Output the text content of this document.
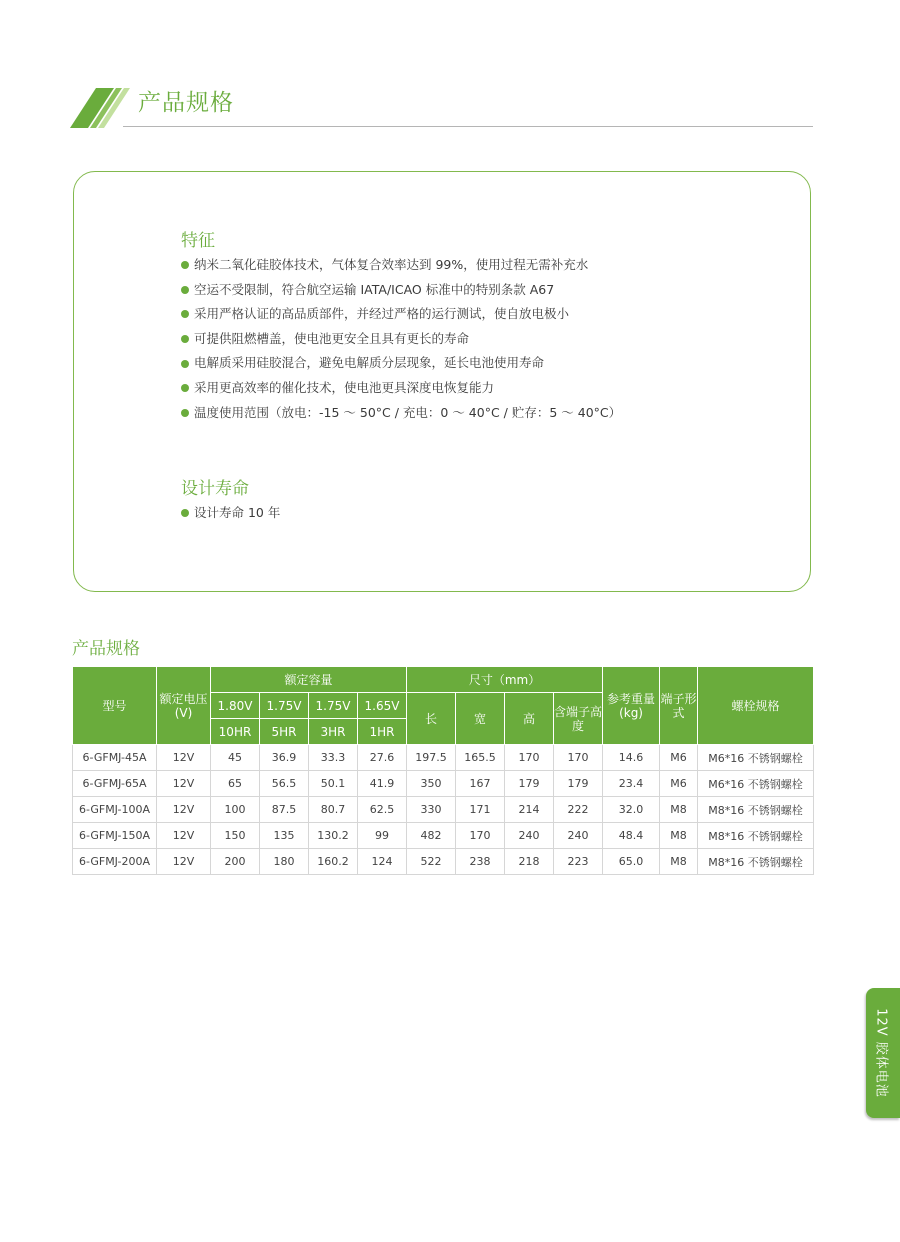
产品规格
特征
纳米二氧化硅胶体技术，气体复合效率达到 99%，使用过程无需补充水
空运不受限制，符合航空运输 IATA/ICAO 标准中的特别条款 A67
采用严格认证的高品质部件，并经过严格的运行测试，使自放电极小
可提供阻燃槽盖，使电池更安全且具有更长的寿命
电解质采用硅胶混合，避免电解质分层现象，延长电池使用寿命
采用更高效率的催化技术，使电池更具深度电恢复能力
温度使用范围（放电：-15 ～ 50°C / 充电：0 ～ 40°C / 贮存：5 ～ 40°C）
设计寿命
设计寿命 10 年
产品规格
型号	额定电压(V)	额定容量				尺寸（mm）				参考重量(kg)	端子形式	螺栓规格
		1.80V	1.75V	1.75V	1.65V	长	宽	高	含端子高度			
		10HR	5HR	3HR	1HR							
6-GFMJ-45A	12V	45	36.9	33.3	27.6	197.5	165.5	170	170	14.6	M6	M6*16 不锈钢螺栓
6-GFMJ-65A	12V	65	56.5	50.1	41.9	350	167	179	179	23.4	M6	M6*16 不锈钢螺栓
6-GFMJ-100A	12V	100	87.5	80.7	62.5	330	171	214	222	32.0	M8	M8*16 不锈钢螺栓
6-GFMJ-150A	12V	150	135	130.2	99	482	170	240	240	48.4	M8	M8*16 不锈钢螺栓
6-GFMJ-200A	12V	200	180	160.2	124	522	238	218	223	65.0	M8	M8*16 不锈钢螺栓
12V 胶体电池
